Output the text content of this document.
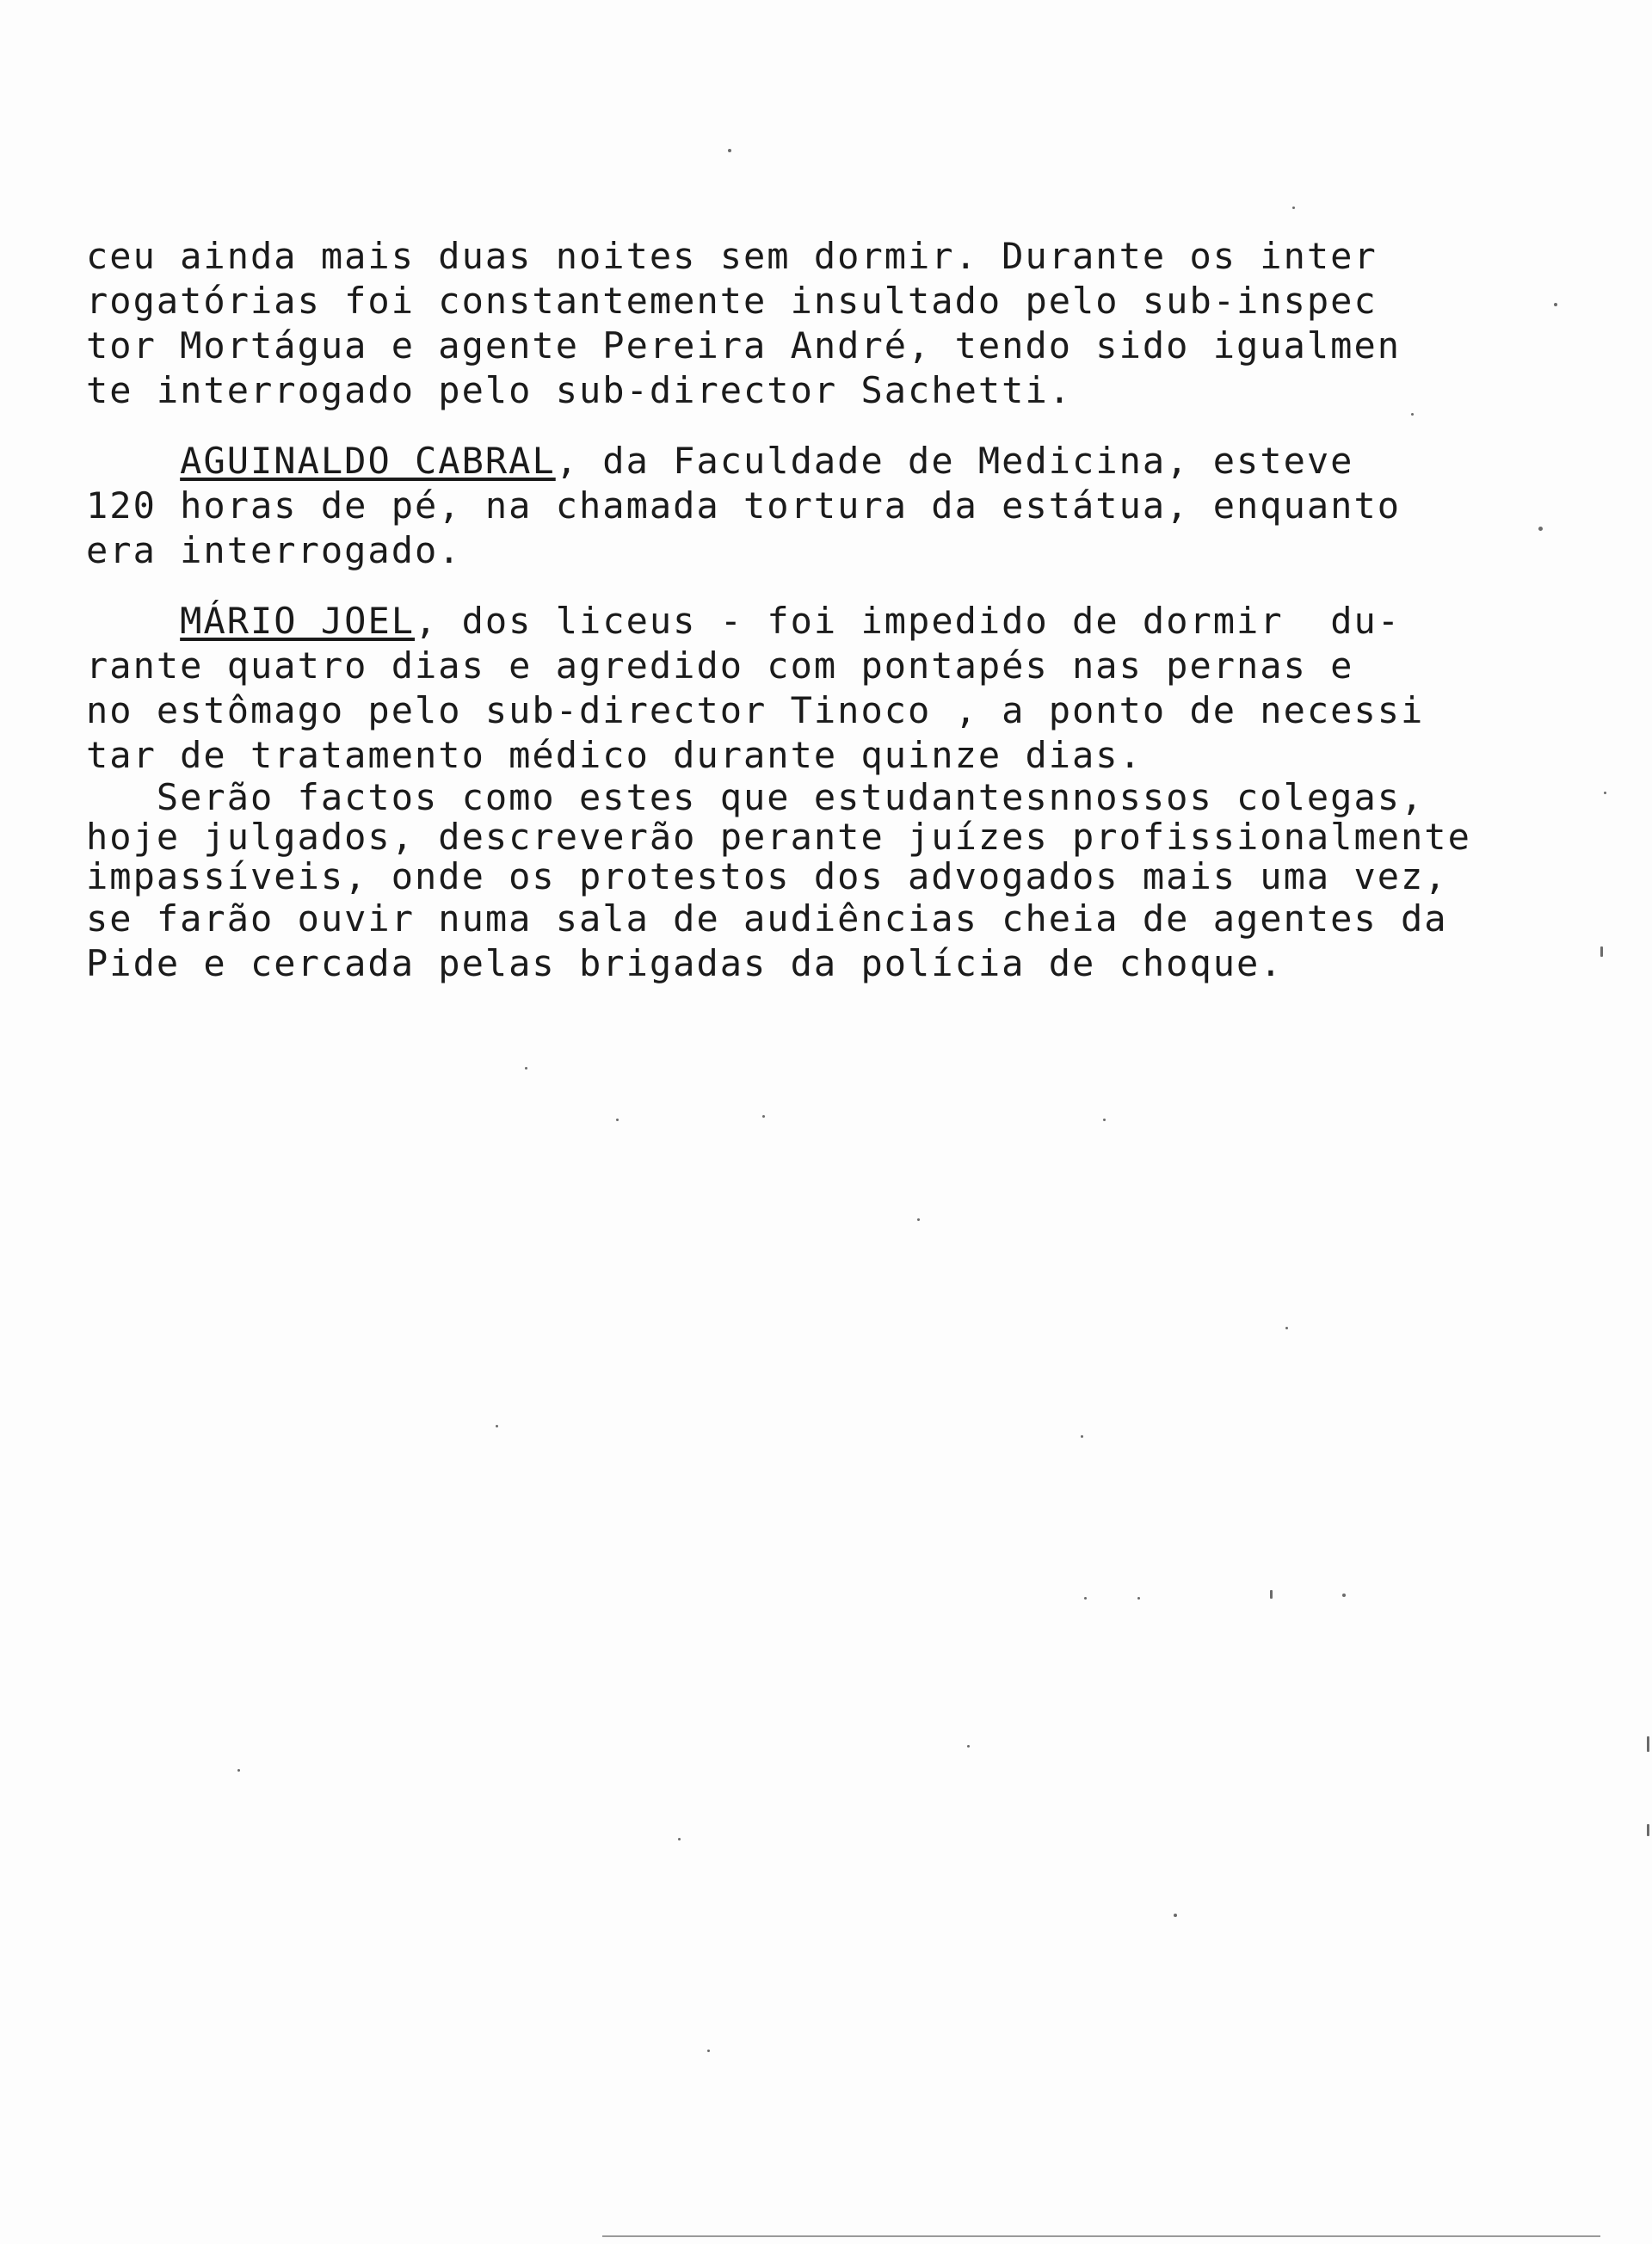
ceu ainda mais duas noites sem dormir. Durante os inter
rogatórias foi constantemente insultado pelo sub-inspec
tor Mortágua e agente Pereira André, tendo sido igualmen
te interrogado pelo sub-director Sachetti.
AGUINALDO CABRAL, da Faculdade de Medicina, esteve
120 horas de pé, na chamada tortura da estátua, enquanto
era interrogado.
MÁRIO JOEL, dos liceus - foi impedido de dormir  du-
rante quatro dias e agredido com pontapés nas pernas e
no estômago pelo sub-director Tinoco , a ponto de necessi
tar de tratamento médico durante quinze dias.
Serão factos como estes que estudantesnnossos colegas,
hoje julgados, descreverão perante juízes profissionalmente
impassíveis, onde os protestos dos advogados mais uma vez,
se farão ouvir numa sala de audiências cheia de agentes da
Pide e cercada pelas brigadas da polícia de choque.
